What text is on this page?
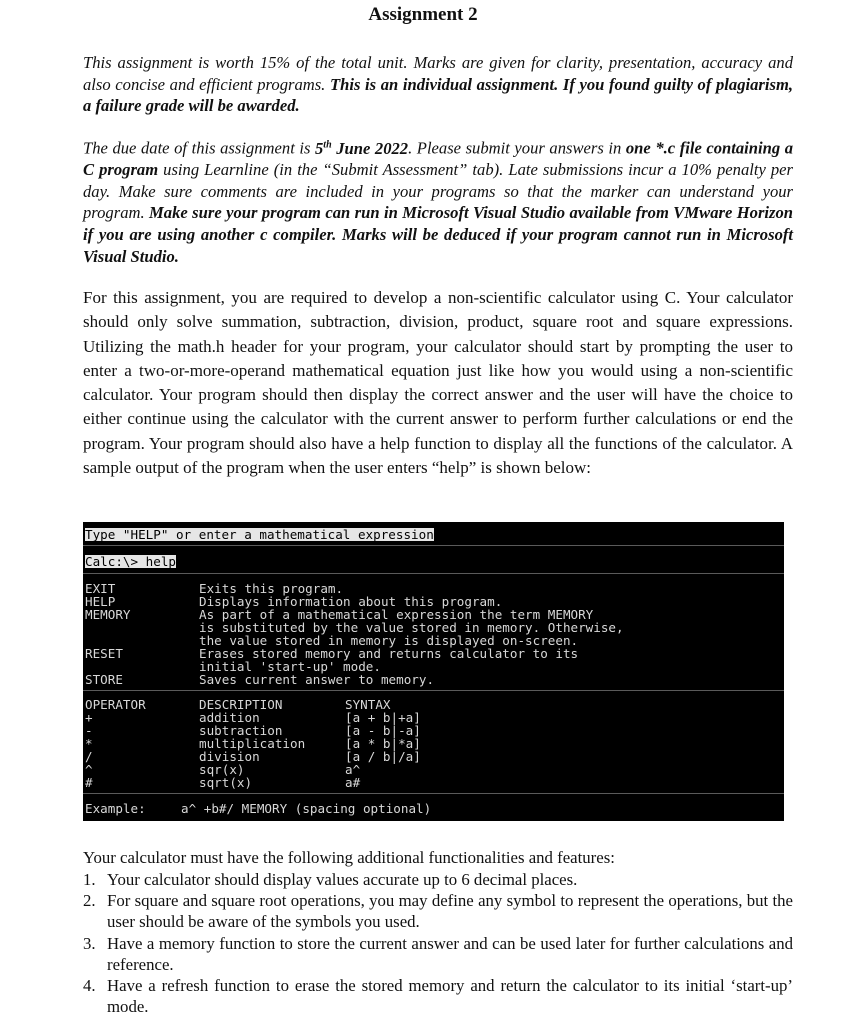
Assignment 2
This assignment is worth 15% of the total unit. Marks are given for clarity, presentation, accuracy and also concise and efficient programs. This is an individual assignment. If you found guilty of plagiarism, a failure grade will be awarded.
The due date of this assignment is 5th June 2022. Please submit your answers in one *.c file containing a C program using Learnline (in the “Submit Assessment” tab). Late submissions incur a 10% penalty per day. Make sure comments are included in your programs so that the marker can understand your program. Make sure your program can run in Microsoft Visual Studio available from VMware Horizon if you are using another c compiler. Marks will be deduced if your program cannot run in Microsoft Visual Studio.
For this assignment, you are required to develop a non-scientific calculator using C. Your calculator should only solve summation, subtraction, division, product, square root and square expressions. Utilizing the math.h header for your program, your calculator should start by prompting the user to enter a two-or-more-operand mathematical equation just like how you would using a non-scientific calculator. Your program should then display the correct answer and the user will have the choice to either continue using the calculator with the current answer to perform further calculations or end the program. Your program should also have a help function to display all the functions of the calculator. A sample output of the program when the user enters “help” is shown below:
Type "HELP" or enter a mathematical expression
Calc:\> help
EXIT	Exits this program.
HELP	Displays information about this program.
MEMORY	As part of a mathematical expression the term MEMORY
is substituted by the value stored in memory. Otherwise,
the value stored in memory is displayed on-screen.
RESET	Erases stored memory and returns calculator to its
initial 'start-up' mode.
STORE	Saves current answer to memory.
OPERATOR	DESCRIPTION	SYNTAX
+	addition	[a + b|+a]
-	subtraction	[a - b|-a]
*	multiplication	[a * b|*a]
/	division	[a / b|/a]
^	sqr(x)	a^
#	sqrt(x)	a#
Example:	a^ +b#/ MEMORY (spacing optional)
Your calculator must have the following additional functionalities and features:
1. Your calculator should display values accurate up to 6 decimal places.
2. For square and square root operations, you may define any symbol to represent the operations, but the user should be aware of the symbols you used.
3. Have a memory function to store the current answer and can be used later for further calculations and reference.
4. Have a refresh function to erase the stored memory and return the calculator to its initial ‘start-up’ mode.
